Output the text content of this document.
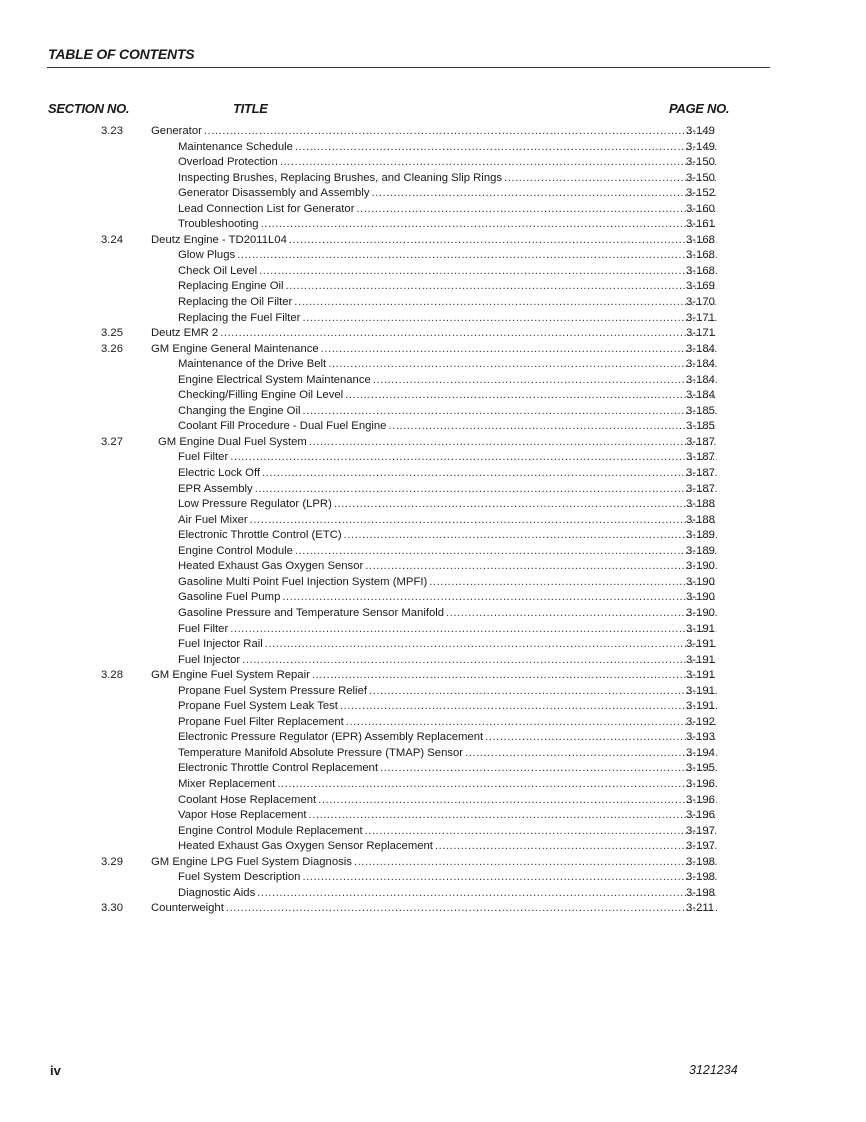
TABLE OF CONTENTS
SECTION NO.	TITLE	PAGE NO.
3.23	Generator . . .	3-149
Maintenance Schedule . . .	3-149
Overload Protection . . .	3-150
Inspecting Brushes, Replacing Brushes, and Cleaning Slip Rings . . .	3-150
Generator Disassembly and Assembly . . .	3-152
Lead Connection List for Generator . . .	3-160
Troubleshooting . . .	3-161
3.24	Deutz Engine - TD2011L04 . . .	3-168
Glow Plugs . . .	3-168
Check Oil Level . . .	3-168
Replacing Engine Oil . . .	3-169
Replacing the Oil Filter . . .	3-170
Replacing the Fuel Filter . . .	3-171
3.25	Deutz EMR 2 . . .	3-171
3.26	GM Engine General Maintenance . . .	3-184
Maintenance of the Drive Belt . . .	3-184
Engine Electrical System Maintenance . . .	3-184
Checking/Filling Engine Oil Level . . .	3-184
Changing the Engine Oil . . .	3-185
Coolant Fill Procedure - Dual Fuel Engine . . .	3-185
3.27	GM Engine Dual Fuel System . . .	3-187
Fuel Filter . . .	3-187
Electric Lock Off . . .	3-187
EPR Assembly . . .	3-187
Low Pressure Regulator (LPR) . . .	3-188
Air Fuel Mixer . . .	3-188
Electronic Throttle Control (ETC) . . .	3-189
Engine Control Module . . .	3-189
Heated Exhaust Gas Oxygen Sensor . . .	3-190
Gasoline Multi Point Fuel Injection System (MPFI) . . .	3-190
Gasoline Fuel Pump . . .	3-190
Gasoline Pressure and Temperature Sensor Manifold . . .	3-190
Fuel Filter . . .	3-191
Fuel Injector Rail . . .	3-191
Fuel Injector . . .	3-191
3.28	GM Engine Fuel System Repair . . .	3-191
Propane Fuel System Pressure Relief . . .	3-191
Propane Fuel System Leak Test . . .	3-191
Propane Fuel Filter Replacement . . .	3-192
Electronic Pressure Regulator (EPR) Assembly Replacement . . .	3-193
Temperature Manifold Absolute Pressure (TMAP) Sensor . . .	3-194
Electronic Throttle Control Replacement . . .	3-195
Mixer Replacement . . .	3-196
Coolant Hose Replacement . . .	3-196
Vapor Hose Replacement . . .	3-196
Engine Control Module Replacement . . .	3-197
Heated Exhaust Gas Oxygen Sensor Replacement . . .	3-197
3.29	GM Engine LPG Fuel System Diagnosis . . .	3-198
Fuel System Description . . .	3-198
Diagnostic Aids . . .	3-198
3.30	Counterweight . . .	3-211
iv	3121234
